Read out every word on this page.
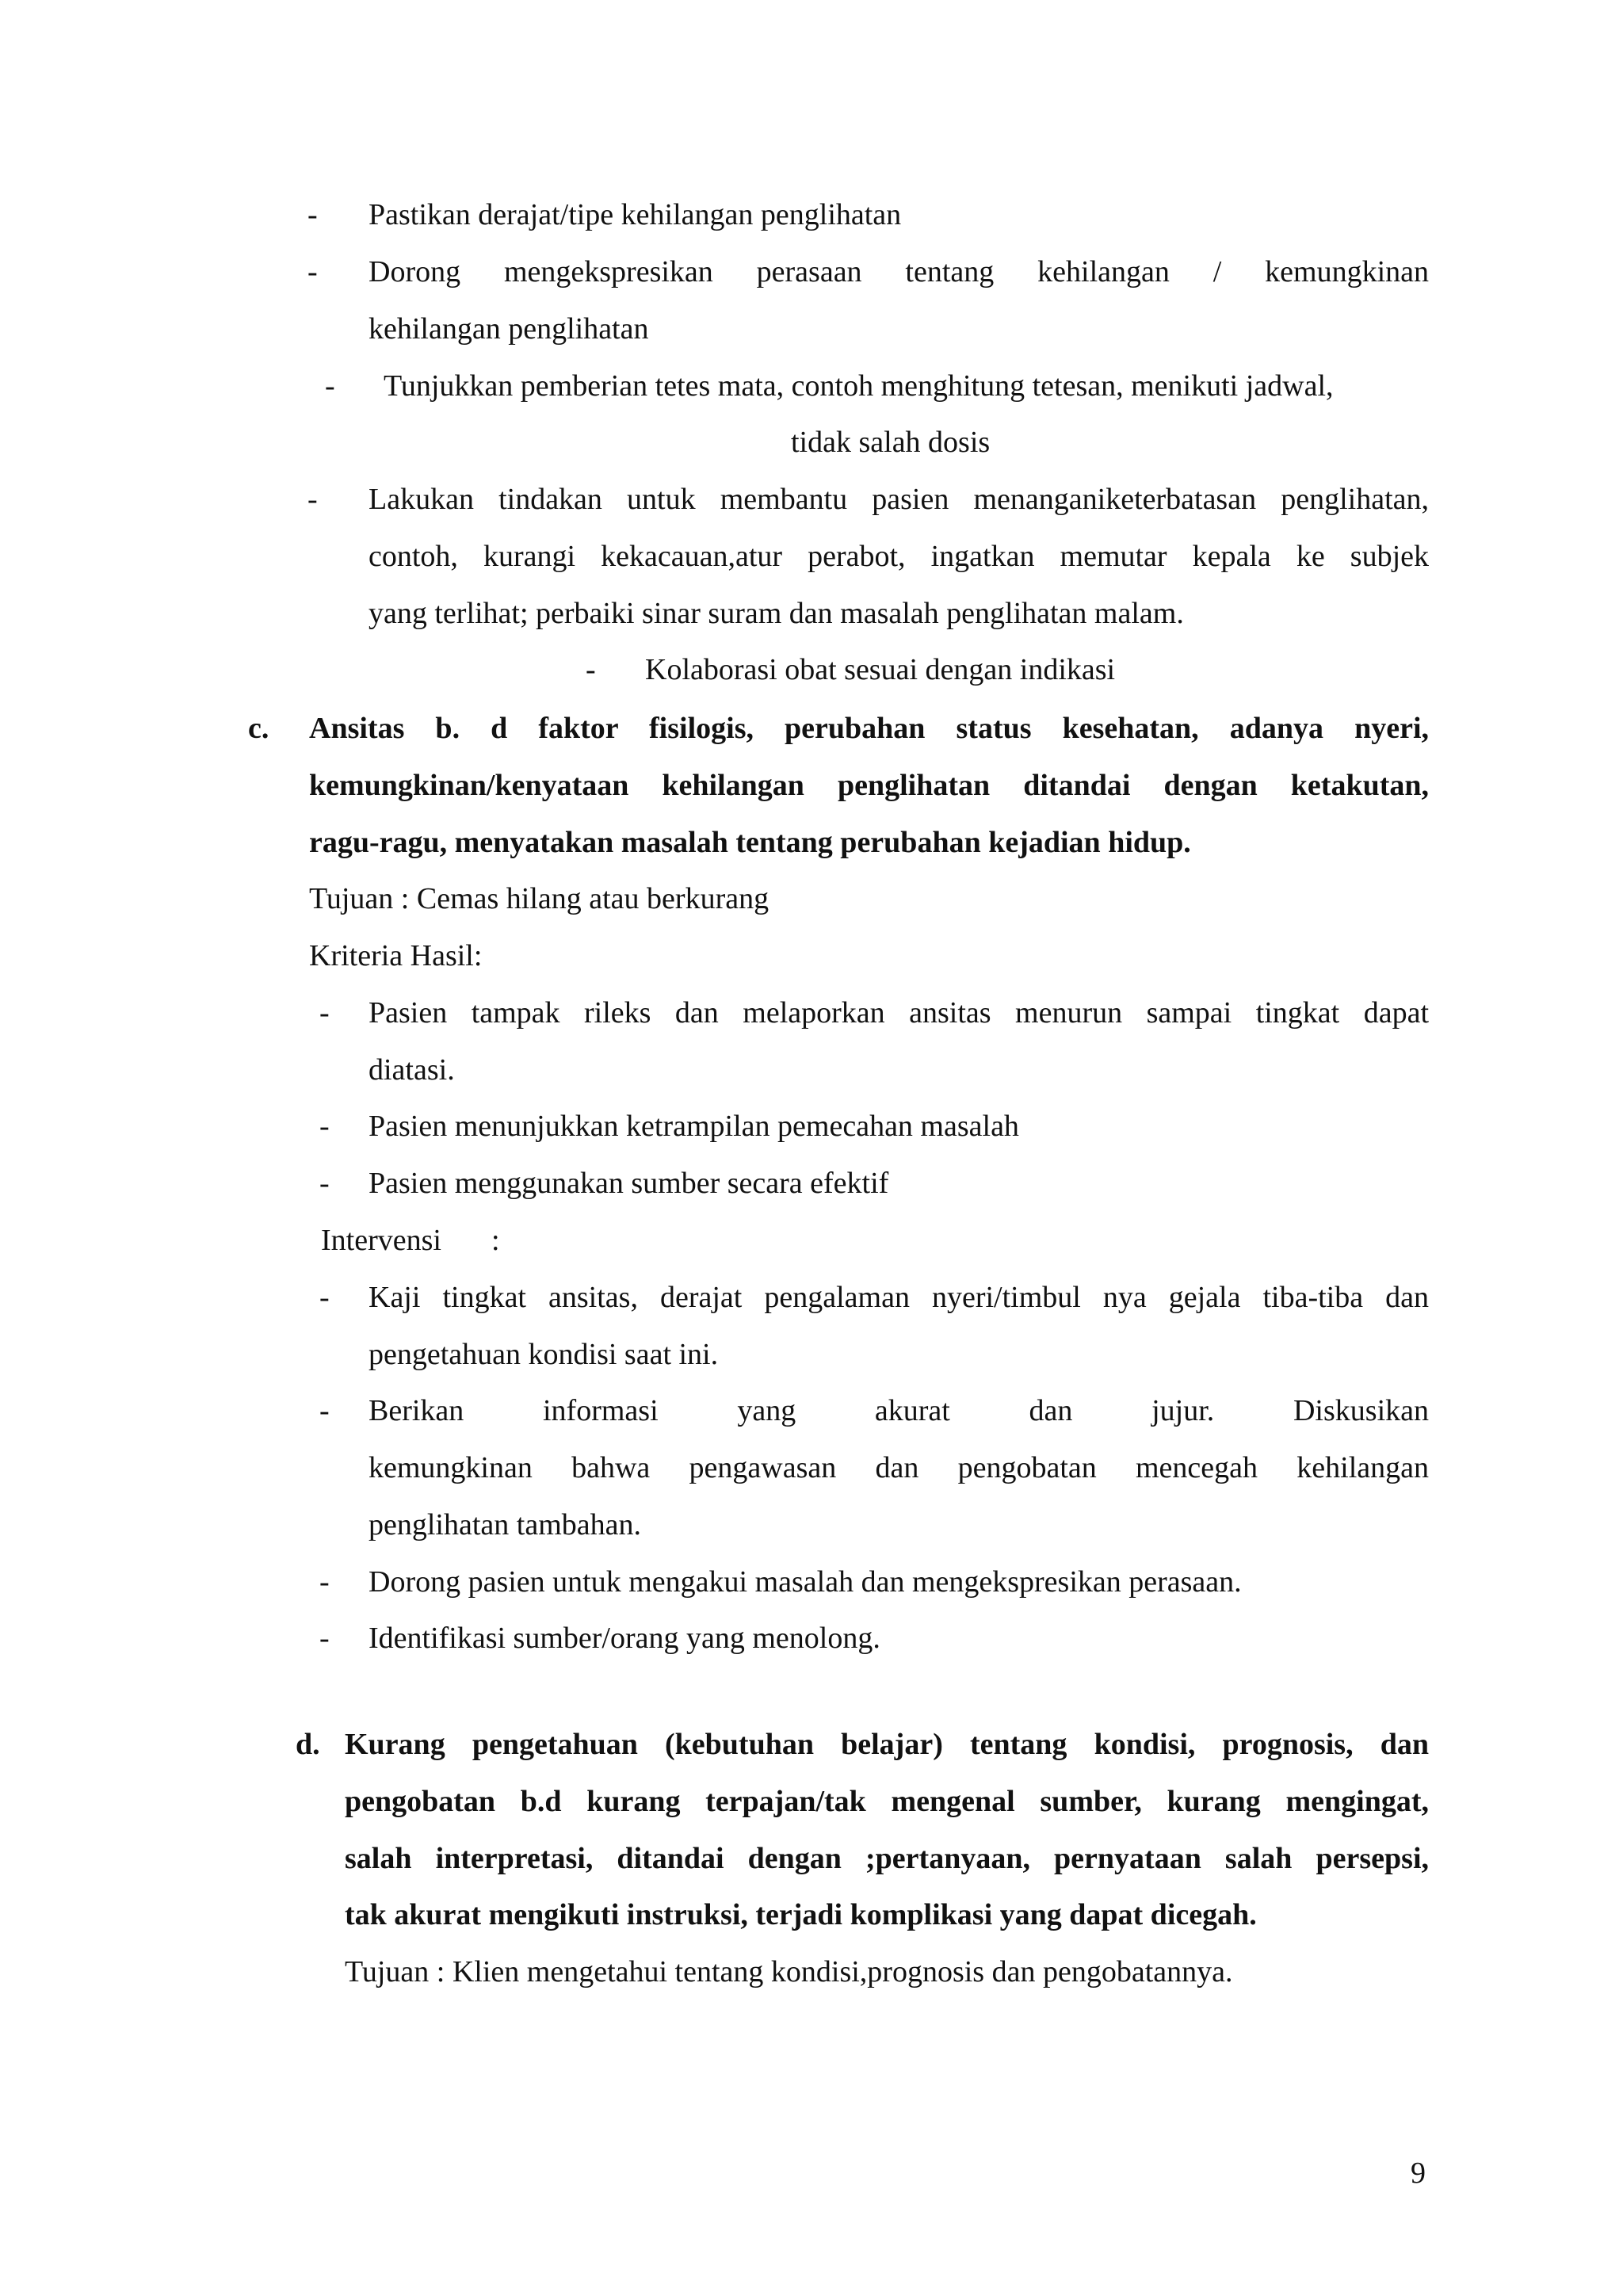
- Pastikan derajat/tipe kehilangan penglihatan
- Dorong mengekspresikan perasaan tentang kehilangan / kemungkinan
kehilangan penglihatan
- Tunjukkan pemberian tetes mata, contoh menghitung tetesan, menikuti jadwal,
tidak salah dosis
- Lakukan tindakan untuk membantu pasien menanganiketerbatasan penglihatan,
contoh, kurangi kekacauan,atur perabot, ingatkan memutar kepala ke subjek
yang terlihat; perbaiki sinar suram dan masalah penglihatan malam.
- Kolaborasi obat sesuai dengan indikasi
c. Ansitas b. d faktor fisilogis, perubahan status kesehatan, adanya nyeri,
kemungkinan/kenyataan kehilangan penglihatan ditandai dengan ketakutan,
ragu-ragu, menyatakan masalah tentang perubahan kejadian hidup.
Tujuan : Cemas hilang atau berkurang
Kriteria Hasil:
- Pasien tampak rileks dan melaporkan ansitas menurun sampai tingkat dapat
diatasi.
- Pasien menunjukkan ketrampilan pemecahan masalah
- Pasien menggunakan sumber secara efektif
Intervensi :
- Kaji tingkat ansitas, derajat pengalaman nyeri/timbul nya gejala tiba-tiba dan
pengetahuan kondisi saat ini.
- Berikan informasi yang akurat dan jujur. Diskusikan
kemungkinan bahwa pengawasan dan pengobatan mencegah kehilangan
penglihatan tambahan.
- Dorong pasien untuk mengakui masalah dan mengekspresikan perasaan.
- Identifikasi sumber/orang yang menolong.
d. Kurang pengetahuan (kebutuhan belajar) tentang kondisi, prognosis, dan
pengobatan b.d kurang terpajan/tak mengenal sumber, kurang mengingat,
salah interpretasi, ditandai dengan ;pertanyaan, pernyataan salah persepsi,
tak akurat mengikuti instruksi, terjadi komplikasi yang dapat dicegah.
Tujuan : Klien mengetahui tentang kondisi,prognosis dan pengobatannya.
9
